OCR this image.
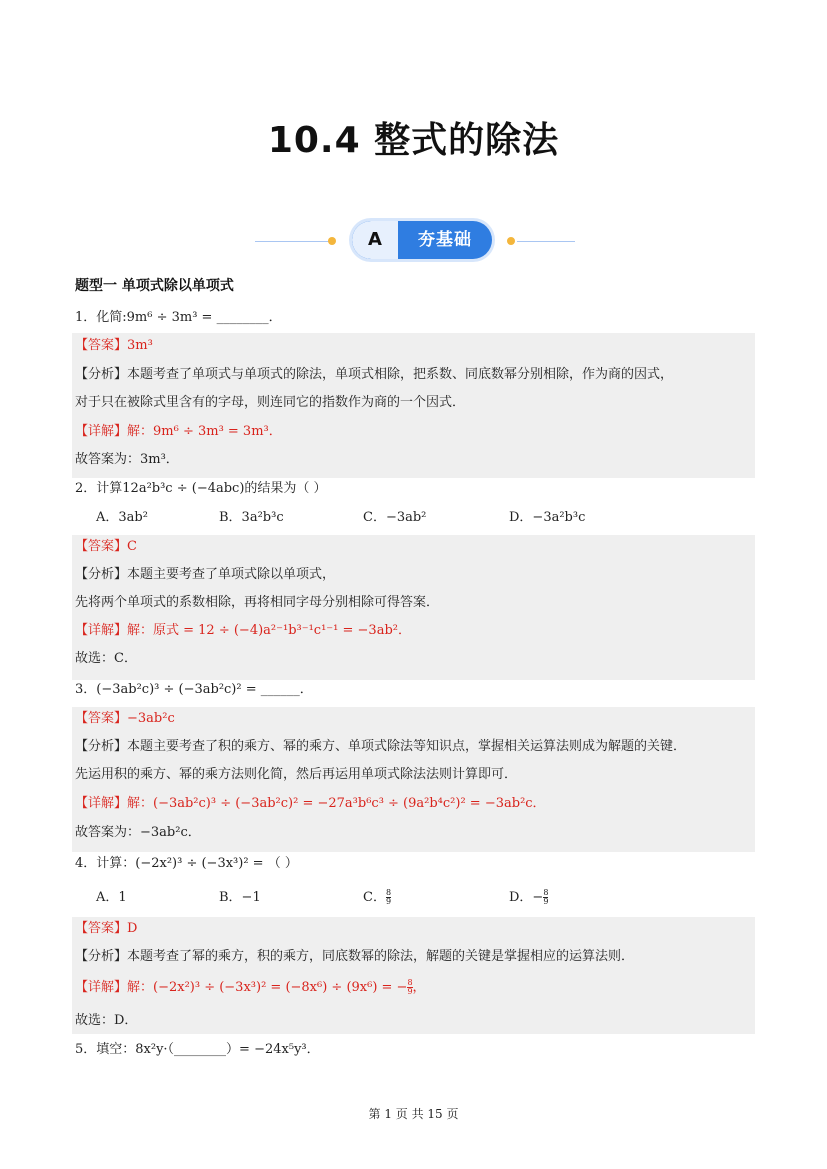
10.4 整式的除法
A	夯基础
题型一 单项式除以单项式
1．化简:9m⁶ ÷ 3m³ = ________．
【答案】3m³
【分析】本题考查了单项式与单项式的除法，单项式相除，把系数、同底数幂分别相除，作为商的因式，
对于只在被除式里含有的字母，则连同它的指数作为商的一个因式．
【详解】解：9m⁶ ÷ 3m³ = 3m³．
故答案为：3m³．
2．计算12a²b³c ÷ (−4abc)的结果为（ ）
A．3ab²	B．3a²b³c	C．−3ab²	D．−3a²b³c
【答案】C
【分析】本题主要考查了单项式除以单项式，
先将两个单项式的系数相除，再将相同字母分别相除可得答案．
【详解】解：原式 = 12 ÷ (−4)a²⁻¹b³⁻¹c¹⁻¹ = −3ab²．
故选：C．
3．(−3ab²c)³ ÷ (−3ab²c)² = ______．
【答案】−3ab²c
【分析】本题主要考查了积的乘方、幂的乘方、单项式除法等知识点，掌握相关运算法则成为解题的关键．
先运用积的乘方、幂的乘方法则化简，然后再运用单项式除法法则计算即可．
【详解】解：(−3ab²c)³ ÷ (−3ab²c)² = −27a³b⁶c³ ÷ (9a²b⁴c²)² = −3ab²c．
故答案为：−3ab²c．
4．计算：(−2x²)³ ÷ (−3x³)² = （ ）
A．1	B．−1	C． $\frac{8}{9}$	D．− $\frac{8}{9}$
【答案】D
【分析】本题考查了幂的乘方，积的乘方，同底数幂的除法，解题的关键是掌握相应的运算法则．
【详解】解：(−2x²)³ ÷ (−3x³)² = (−8x⁶) ÷ (9x⁶) = − $\frac{8}{9}$ ，
故选：D．
5．填空：8x²y·（________）= −24x⁵y³．
第 1 页 共 15 页
